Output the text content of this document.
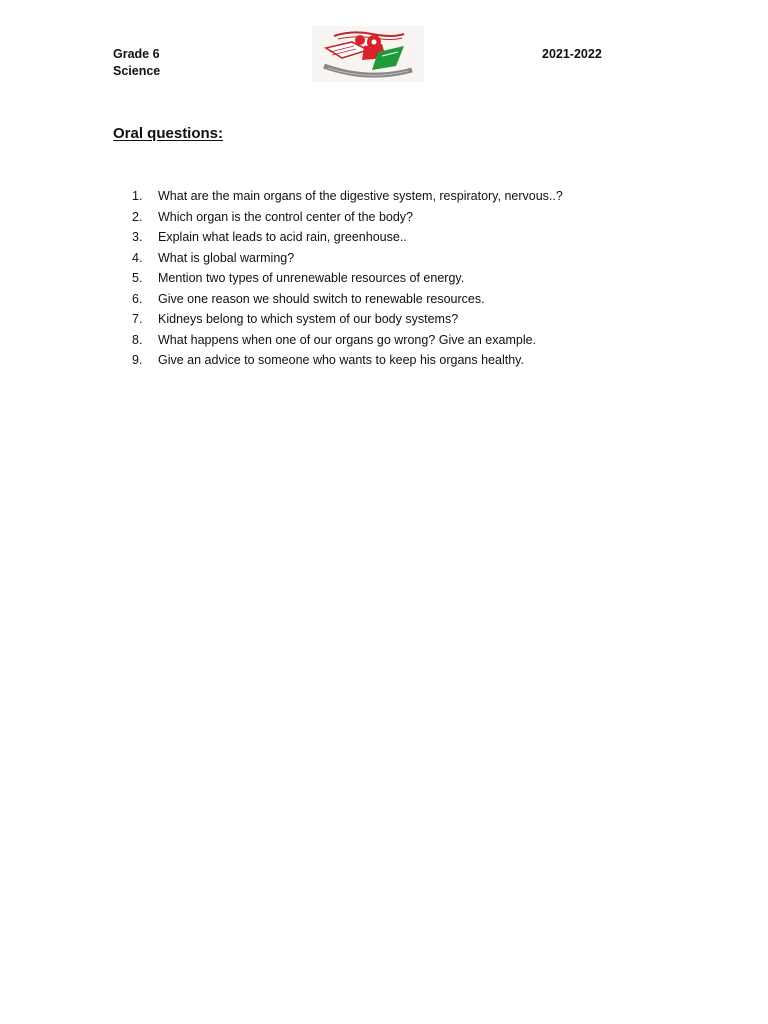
Grade 6
Science
2021-2022
Oral questions:
1. What are the main organs of the digestive system, respiratory, nervous..?
2. Which organ is the control center of the body?
3. Explain what leads to acid rain, greenhouse..
4. What is global warming?
5. Mention two types of unrenewable resources of energy.
6. Give one reason we should switch to renewable resources.
7. Kidneys belong to which system of our body systems?
8. What happens when one of our organs go wrong? Give an example.
9. Give an advice to someone who wants to keep his organs healthy.
